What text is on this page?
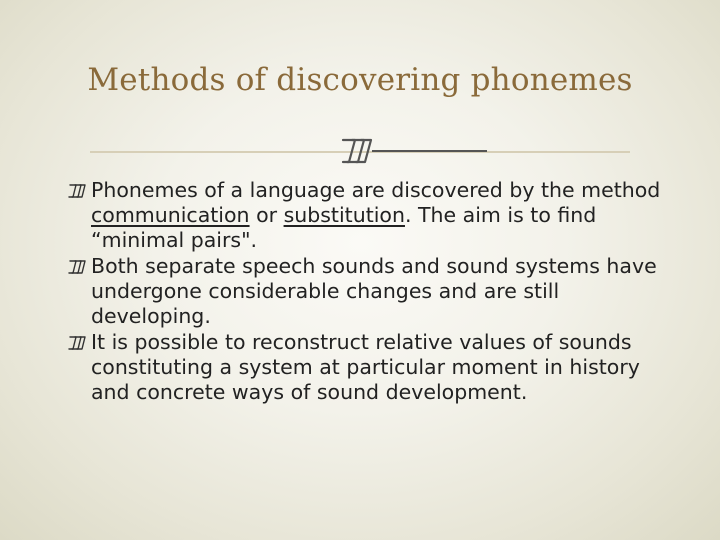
Methods of discovering phonemes
Phonemes of a language are discovered by the method communication or substitution. The aim is to find “minimal pairs".
Both separate speech sounds and sound systems have undergone considerable changes and are still developing.
It is possible to reconstruct relative values of sounds constituting a system at particular moment in history and concrete ways of sound development.
